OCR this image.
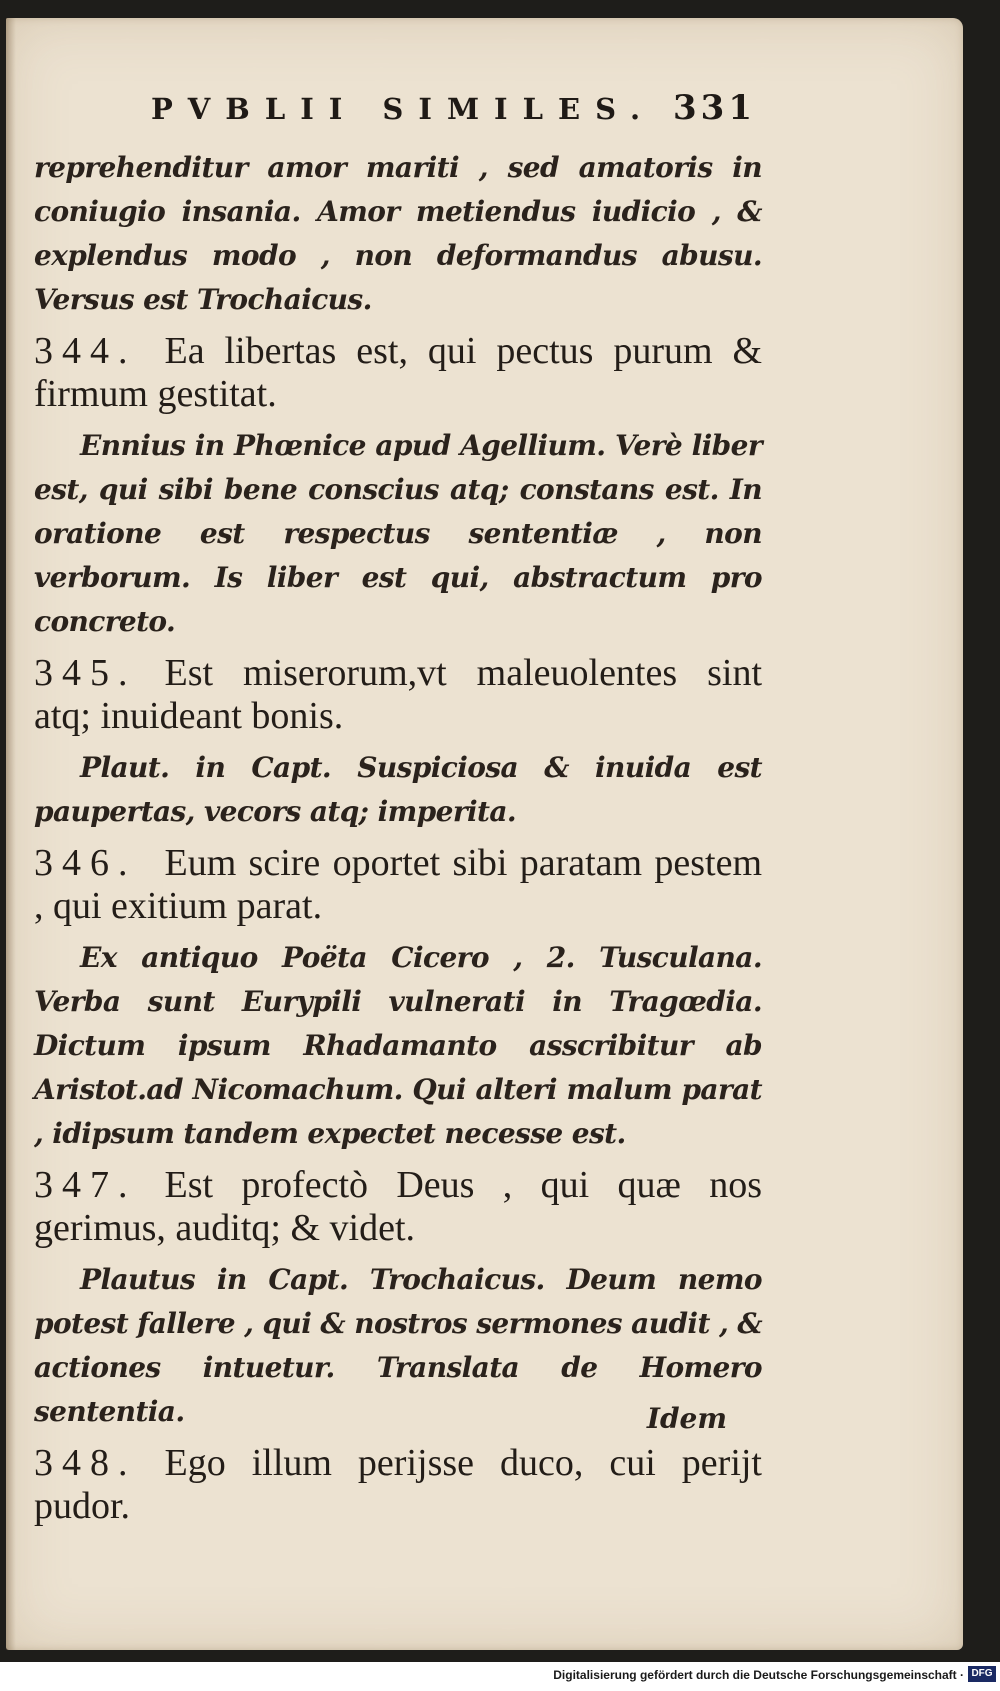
PVBLII SIMILES. 331

reprehenditur amor mariti , sed amatoris in coniugio insania. Amor metiendus iudicio , & explendus modo , non deformandus abusu. Versus est Trochaicus.

344. Ea libertas est, qui pectus purum & firmum gestitat.

Ennius in Phœnice apud Agellium. Verè liber est, qui sibi bene conscius atq; constans est. In oratione est respectus sententiæ , non verborum. Is liber est qui, abstractum pro concreto.

345. Est miserorum,vt maleuolentes sint atq; inuideant bonis.

Plaut. in Capt. Suspiciosa & inuida est paupertas, vecors atq; imperita.

346. Eum scire oportet sibi paratam pestem , qui exitium parat.

Ex antiquo Poëta Cicero , 2. Tusculana. Verba sunt Eurypili vulnerati in Tragœdia. Dictum ipsum Rhadamanto asscribitur ab Aristot.ad Nicomachum. Qui alteri malum parat , idipsum tandem expectet necesse est.

347. Est profectò Deus , qui quæ nos gerimus, auditq; & videt.

Plautus in Capt. Trochaicus. Deum nemo potest fallere , qui & nostros sermones audit , & actiones intuetur. Translata de Homero sententia.

348. Ego illum perijsse duco, cui perijt pudor.

Idem
Digitalisierung gefördert durch die Deutsche Forschungsgemeinschaft · DFG
